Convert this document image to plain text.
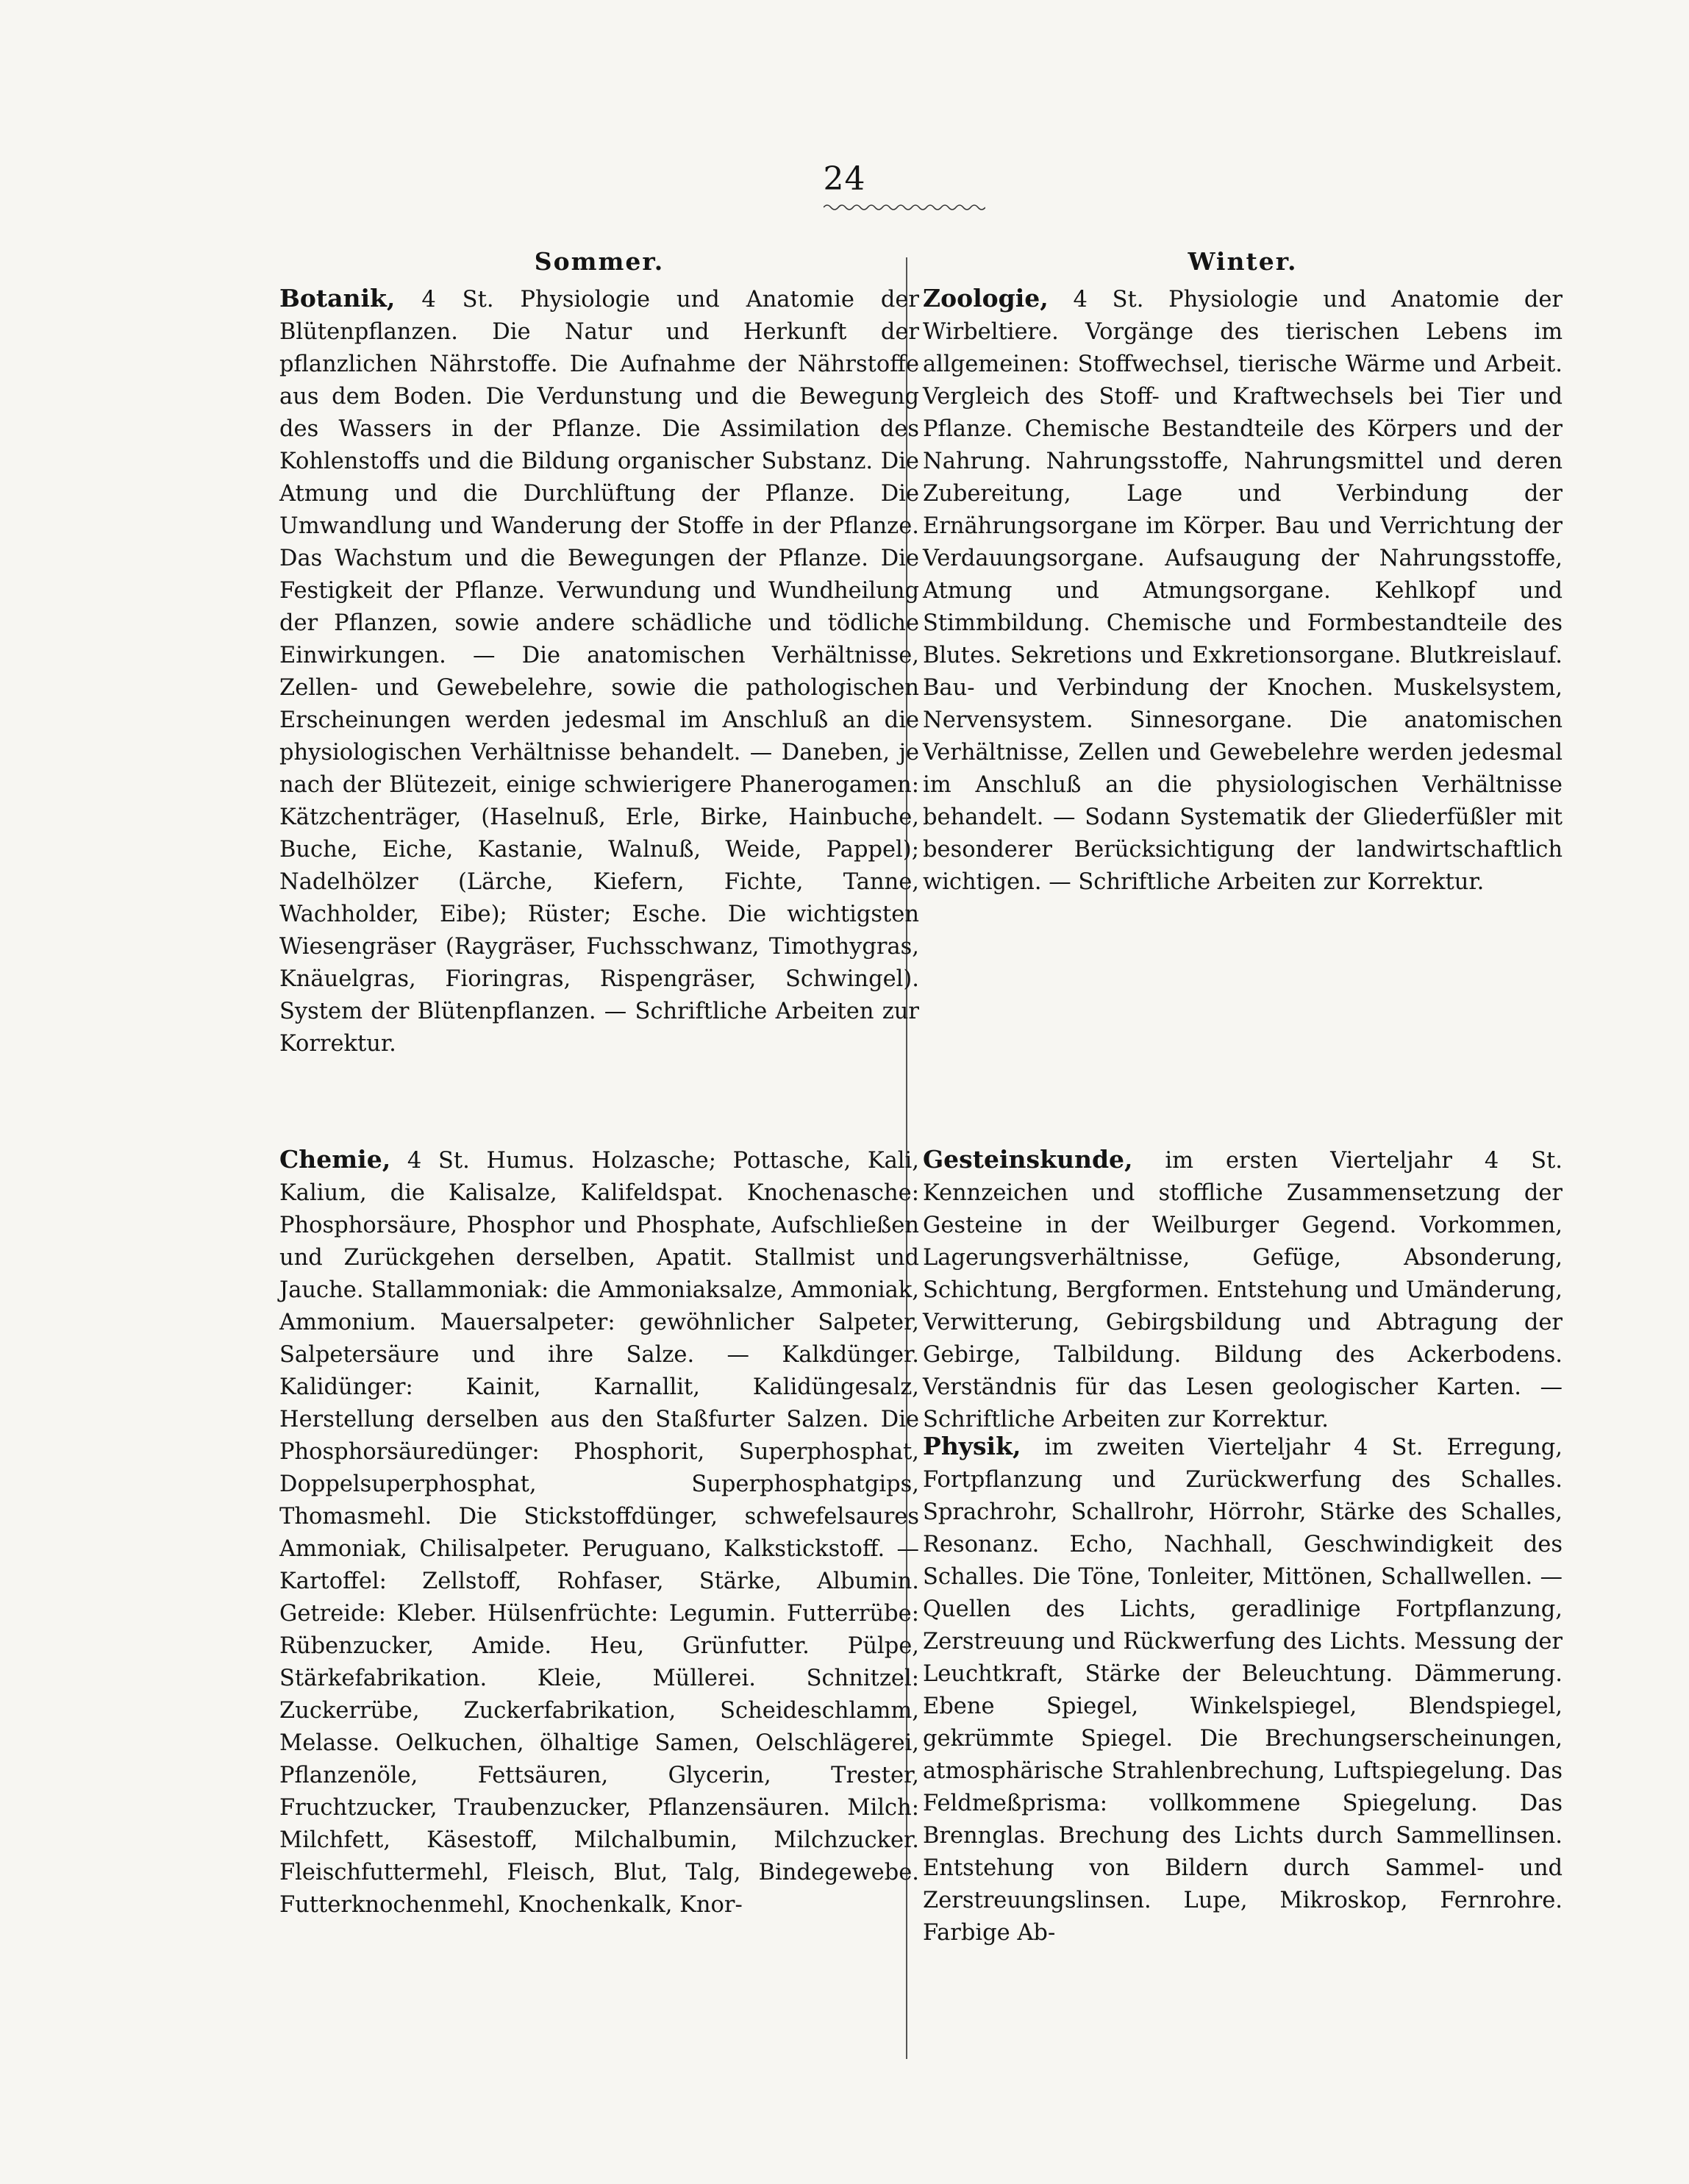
24
Sommer.

Botanik, 4 St. Physiologie und Anatomie der Blütenpflanzen. Die Natur und Herkunft der pflanzlichen Nährstoffe. Die Aufnahme der Nährstoffe aus dem Boden. Die Verdunstung und die Bewegung des Wassers in der Pflanze. Die Assimilation des Kohlenstoffs und die Bildung organischer Substanz. Die Atmung und die Durchlüftung der Pflanze. Die Umwandlung und Wanderung der Stoffe in der Pflanze. Das Wachstum und die Bewegungen der Pflanze. Die Festigkeit der Pflanze. Verwundung und Wundheilung der Pflanzen, sowie andere schädliche und tödliche Einwirkungen. — Die anatomischen Verhältnisse, Zellen- und Gewebelehre, sowie die pathologischen Erscheinungen werden jedesmal im Anschluß an die physiologischen Verhältnisse behandelt. — Daneben, je nach der Blütezeit, einige schwierigere Phanerogamen: Kätzchenträger, (Haselnuß, Erle, Birke, Hainbuche, Buche, Eiche, Kastanie, Walnuß, Weide, Pappel); Nadelhölzer (Lärche, Kiefern, Fichte, Tanne, Wachholder, Eibe); Rüster; Esche. Die wichtigsten Wiesengräser (Raygräser, Fuchsschwanz, Timothygras, Knäuelgras, Fioringras, Rispengräser, Schwingel). System der Blütenpflanzen. — Schriftliche Arbeiten zur Korrektur.

Chemie, 4 St. Humus. Holzasche; Pottasche, Kali, Kalium, die Kalisalze, Kalifeldspat. Knochenasche: Phosphorsäure, Phosphor und Phosphate, Aufschließen und Zurückgehen derselben, Apatit. Stallmist und Jauche. Stallammoniak: die Ammoniaksalze, Ammoniak, Ammonium. Mauersalpeter: gewöhnlicher Salpeter, Salpetersäure und ihre Salze. — Kalkdünger. Kalidünger: Kainit, Karnallit, Kalidüngesalz, Herstellung derselben aus den Staßfurter Salzen. Die Phosphorsäuredünger: Phosphorit, Superphosphat, Doppelsuperphosphat, Superphosphatgips, Thomasmehl. Die Stickstoffdünger, schwefelsaures Ammoniak, Chilisalpeter. Peruguano, Kalkstickstoff. — Kartoffel: Zellstoff, Rohfaser, Stärke, Albumin. Getreide: Kleber. Hülsenfrüchte: Legumin. Futterrübe: Rübenzucker, Amide. Heu, Grünfutter. Pülpe, Stärkefabrikation. Kleie, Müllerei. Schnitzel: Zuckerrübe, Zuckerfabrikation, Scheideschlamm, Melasse. Oelkuchen, ölhaltige Samen, Oelschlägerei, Pflanzenöle, Fettsäuren, Glycerin, Trester, Fruchtzucker, Traubenzucker, Pflanzensäuren. Milch: Milchfett, Käsestoff, Milchalbumin, Milchzucker. Fleischfuttermehl, Fleisch, Blut, Talg, Bindegewebe. Futterknochenmehl, Knochenkalk, Knor-

Winter.

Zoologie, 4 St. Physiologie und Anatomie der Wirbeltiere. Vorgänge des tierischen Lebens im allgemeinen: Stoffwechsel, tierische Wärme und Arbeit. Vergleich des Stoff- und Kraftwechsels bei Tier und Pflanze. Chemische Bestandteile des Körpers und der Nahrung. Nahrungsstoffe, Nahrungsmittel und deren Zubereitung, Lage und Verbindung der Ernährungsorgane im Körper. Bau und Verrichtung der Verdauungsorgane. Aufsaugung der Nahrungsstoffe, Atmung und Atmungsorgane. Kehlkopf und Stimmbildung. Chemische und Formbestandteile des Blutes. Sekretions und Exkretionsorgane. Blutkreislauf. Bau- und Verbindung der Knochen. Muskelsystem, Nervensystem. Sinnesorgane. Die anatomischen Verhältnisse, Zellen und Gewebelehre werden jedesmal im Anschluß an die physiologischen Verhältnisse behandelt. — Sodann Systematik der Gliederfüßler mit besonderer Berücksichtigung der landwirtschaftlich wichtigen. — Schriftliche Arbeiten zur Korrektur.

Gesteinskunde, im ersten Vierteljahr 4 St. Kennzeichen und stoffliche Zusammensetzung der Gesteine in der Weilburger Gegend. Vorkommen, Lagerungsverhältnisse, Gefüge, Absonderung, Schichtung, Bergformen. Entstehung und Umänderung, Verwitterung, Gebirgsbildung und Abtragung der Gebirge, Talbildung. Bildung des Ackerbodens. Verständnis für das Lesen geologischer Karten. — Schriftliche Arbeiten zur Korrektur.

Physik, im zweiten Vierteljahr 4 St. Erregung, Fortpflanzung und Zurückwerfung des Schalles. Sprachrohr, Schallrohr, Hörrohr, Stärke des Schalles, Resonanz. Echo, Nachhall, Geschwindigkeit des Schalles. Die Töne, Tonleiter, Mittönen, Schallwellen. — Quellen des Lichts, geradlinige Fortpflanzung, Zerstreuung und Rückwerfung des Lichts. Messung der Leuchtkraft, Stärke der Beleuchtung. Dämmerung. Ebene Spiegel, Winkelspiegel, Blendspiegel, gekrümmte Spiegel. Die Brechungserscheinungen, atmosphärische Strahlenbrechung, Luftspiegelung. Das Feldmeßprisma: vollkommene Spiegelung. Das Brennglas. Brechung des Lichts durch Sammellinsen. Entstehung von Bildern durch Sammel- und Zerstreuungslinsen. Lupe, Mikroskop, Fernrohre. Farbige Ab-
